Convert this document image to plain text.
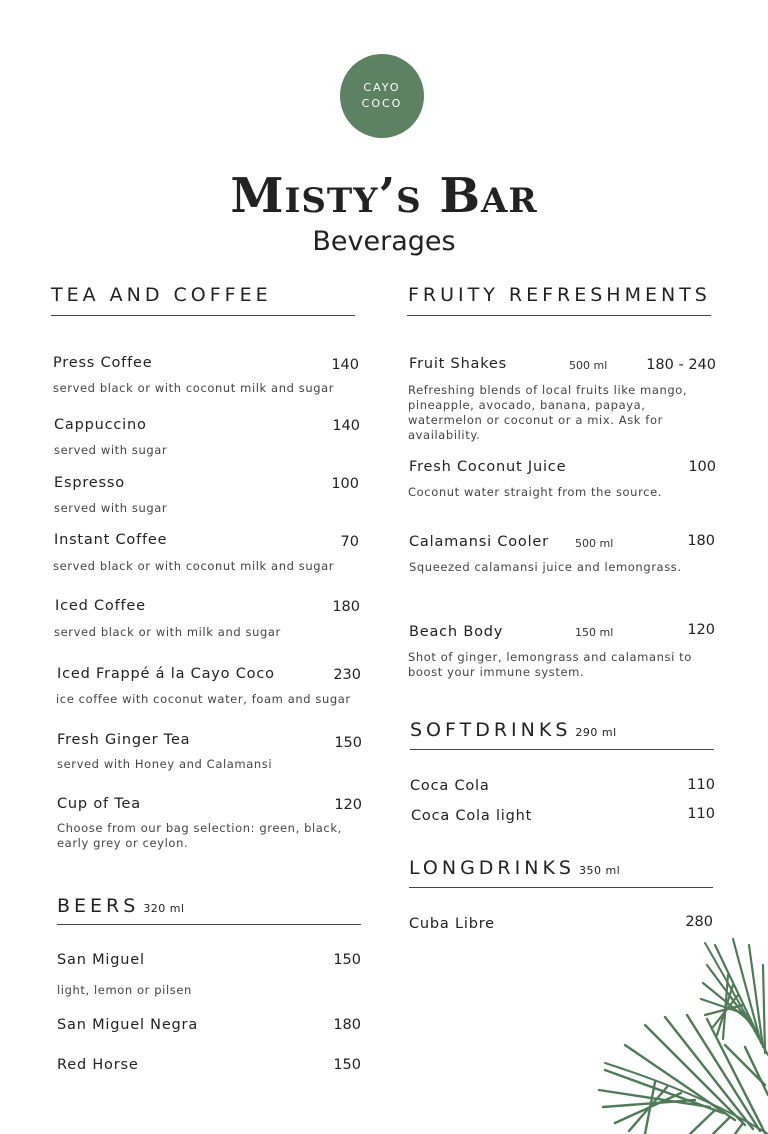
CAYO
COCO
Misty’s Bar
Beverages
TEA AND COFFEE
Press Coffee	140
served black or with coconut milk and sugar
Cappuccino	140
served with sugar
Espresso	100
served with sugar
Instant Coffee	70
served black or with coconut milk and sugar
Iced Coffee	180
served black or with milk and sugar
Iced Frappé á la Cayo Coco	230
ice coffee with coconut water, foam and sugar
Fresh Ginger Tea	150
served with Honey and Calamansi
Cup of Tea	120
Choose from our bag selection: green, black, early grey or ceylon.
BEERS 320 ml
San Miguel	150
light, lemon or pilsen
San Miguel Negra	180
Red Horse	150
FRUITY REFRESHMENTS
Fruit Shakes	500 ml	180 - 240
Refreshing blends of local fruits like mango, pineapple, avocado, banana, papaya, watermelon or coconut or a mix. Ask for availability.
Fresh Coconut Juice	100
Coconut water straight from the source.
Calamansi Cooler 500 ml	180
Squeezed calamansi juice and lemongrass.
Beach Body	150 ml	120
Shot of ginger, lemongrass and calamansi to boost your immune system.
SOFTDRINKS 290 ml
Coca Cola	110
Coca Cola light	110
LONGDRINKS 350 ml
Cuba Libre	280
